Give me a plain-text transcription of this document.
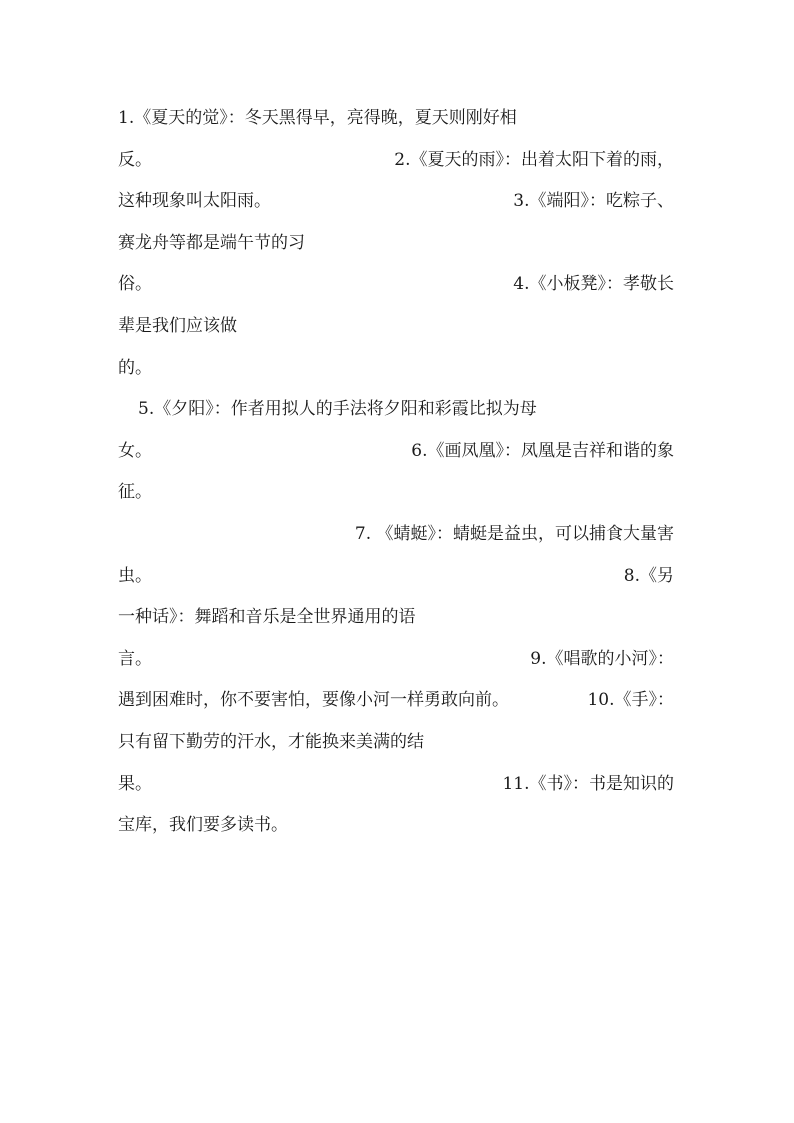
1.《夏天的觉》：冬天黑得早，亮得晚，夏天则刚好相
反。	2.《夏天的雨》：出着太阳下着的雨，
这种现象叫太阳雨。	3.《端阳》：吃粽子、
赛龙舟等都是端午节的习
俗。	4.《小板凳》：孝敬长
辈是我们应该做
的。
5.《夕阳》：作者用拟人的手法将夕阳和彩霞比拟为母
女。	6.《画凤凰》：凤凰是吉祥和谐的象
征。
7. 《蜻蜓》：蜻蜓是益虫，可以捕食大量害
虫。	8.《另
一种话》：舞蹈和音乐是全世界通用的语
言。	9.《唱歌的小河》：
遇到困难时，你不要害怕，要像小河一样勇敢向前。	10.《手》：
只有留下勤劳的汗水，才能换来美满的结
果。	11.《书》：书是知识的
宝库，我们要多读书。
